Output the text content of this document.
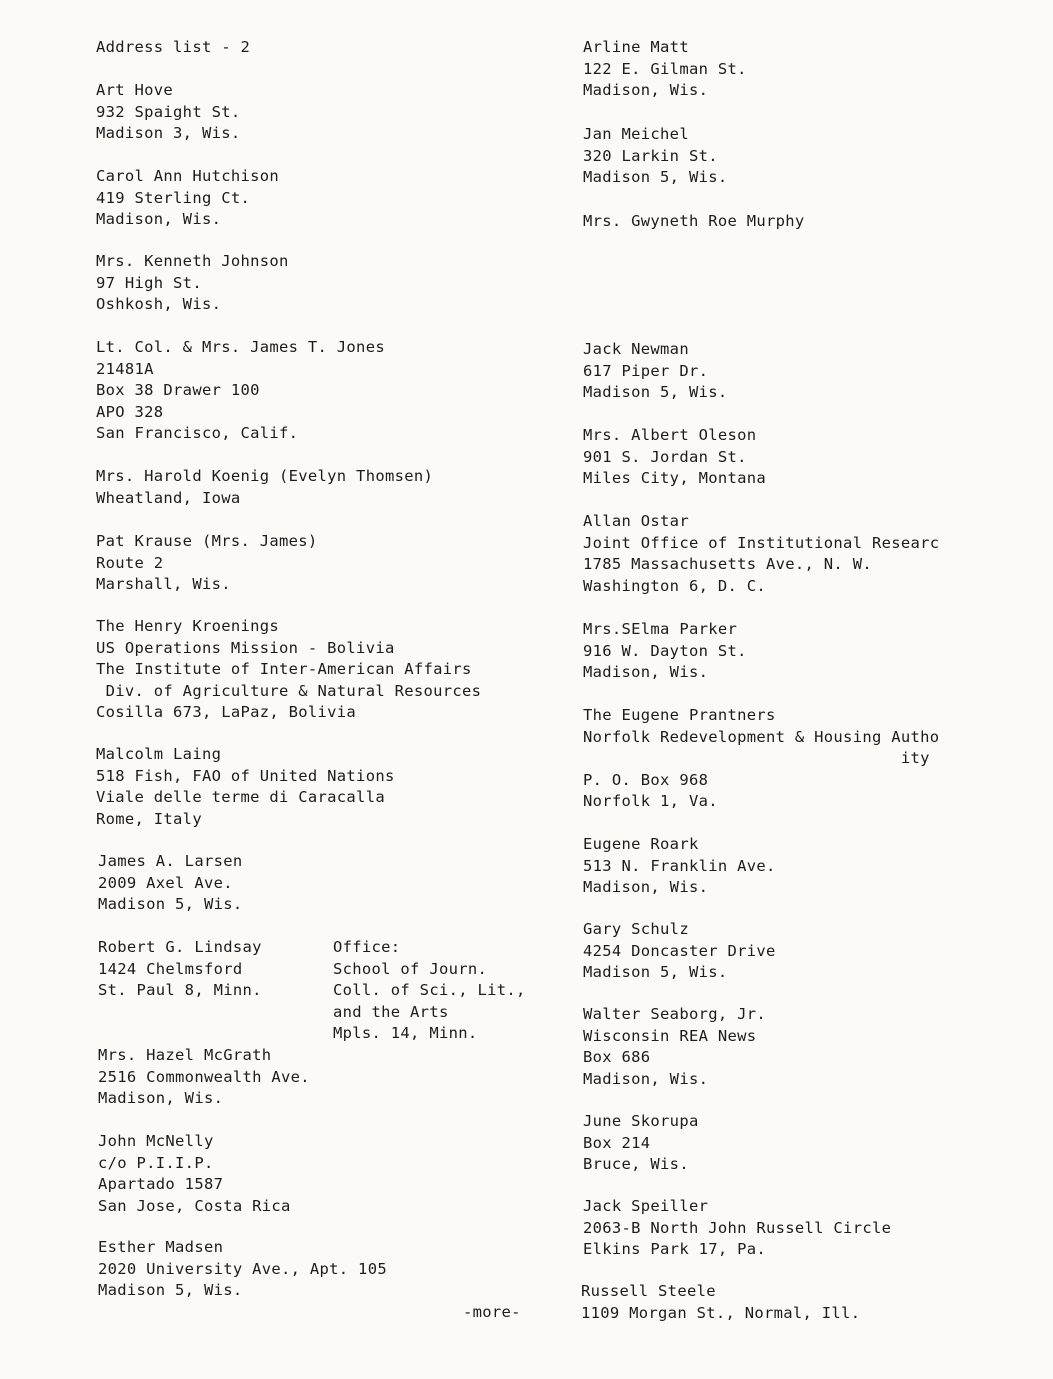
Address list - 2

Art Hove
932 Spaight St.
Madison 3, Wis.
Carol Ann Hutchison
419 Sterling Ct.
Madison, Wis.
Mrs. Kenneth Johnson
97 High St.
Oshkosh, Wis.
Lt. Col. & Mrs. James T. Jones
21481A
Box 38 Drawer 100
APO 328
San Francisco, Calif.
Mrs. Harold Koenig (Evelyn Thomsen)
Wheatland, Iowa
Pat Krause (Mrs. James)
Route 2
Marshall, Wis.
The Henry Kroenings
US Operations Mission - Bolivia
The Institute of Inter-American Affairs
Div. of Agriculture & Natural Resources
Cosilla 673, LaPaz, Bolivia
Malcolm Laing
518 Fish, FAO of United Nations
Viale delle terme di Caracalla
Rome, Italy
James A. Larsen
2009 Axel Ave.
Madison 5, Wis.
Robert G. Lindsay
1424 Chelmsford
St. Paul 8, Minn.
Office:
School of Journ.
Coll. of Sci., Lit.,
and the Arts
Mpls. 14, Minn.
Mrs. Hazel McGrath
2516 Commonwealth Ave.
Madison, Wis.
John McNelly
c/o P.I.I.P.
Apartado 1587
San Jose, Costa Rica
Esther Madsen
2020 University Ave., Apt. 105
Madison 5, Wis.
Arline Matt
122 E. Gilman St.
Madison, Wis.
Jan Meichel
320 Larkin St.
Madison 5, Wis.
Mrs. Gwyneth Roe Murphy
Jack Newman
617 Piper Dr.
Madison 5, Wis.
Mrs. Albert Oleson
901 S. Jordan St.
Miles City, Montana
Allan Ostar
Joint Office of Institutional Researc
1785 Massachusetts Ave., N. W.
Washington 6, D. C.
Mrs.SElma Parker
916 W. Dayton St.
Madison, Wis.
The Eugene Prantners
Norfolk Redevelopment & Housing Autho
ity
P. O. Box 968
Norfolk 1, Va.
Eugene Roark
513 N. Franklin Ave.
Madison, Wis.
Gary Schulz
4254 Doncaster Drive
Madison 5, Wis.
Walter Seaborg, Jr.
Wisconsin REA News
Box 686
Madison, Wis.
June Skorupa
Box 214
Bruce, Wis.
Jack Speiller
2063-B North John Russell Circle
Elkins Park 17, Pa.
Russell Steele
1109 Morgan St., Normal, Ill.

-more-
